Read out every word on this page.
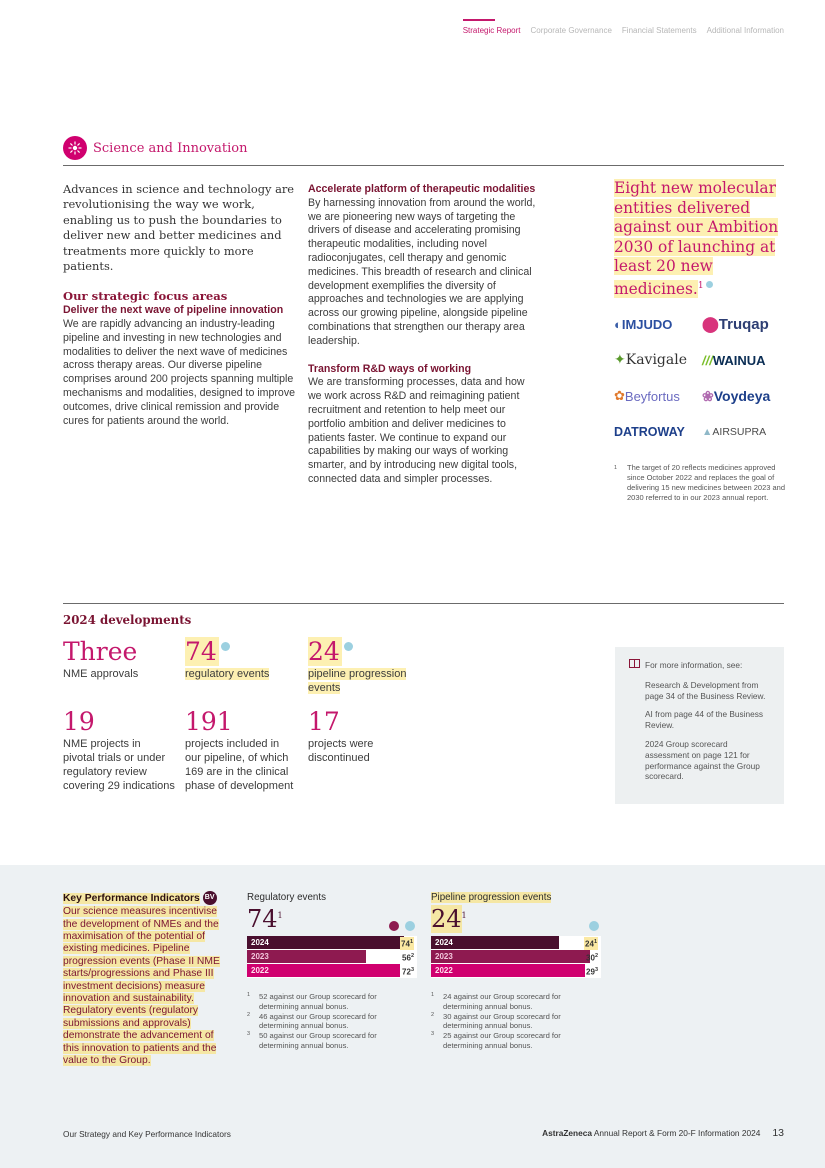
Strategic Report Corporate Governance Financial Statements Additional Information
Science and Innovation

Advances in science and technology are revolutionising the way we work, enabling us to push the boundaries to deliver new and better medicines and treatments more quickly to more patients.

Our strategic focus areas

Deliver the next wave of pipeline innovation

We are rapidly advancing an industry-leading pipeline and investing in new technologies and modalities to deliver the next wave of medicines across therapy areas. Our diverse pipeline comprises around 200 projects spanning multiple mechanisms and modalities, designed to improve outcomes, drive clinical remission and provide cures for patients around the world.

Accelerate platform of therapeutic modalities

By harnessing innovation from around the world, we are pioneering new ways of targeting the drivers of disease and accelerating promising therapeutic modalities, including novel radioconjugates, cell therapy and genomic medicines. This breadth of research and clinical development exemplifies the diversity of approaches and technologies we are applying across our growing pipeline, alongside pipeline combinations that strengthen our therapy area leadership.

Transform R&D ways of working

We are transforming processes, data and how we work across R&D and reimagining patient recruitment and retention to help meet our portfolio ambition and deliver medicines to patients faster. We continue to expand our capabilities by making our ways of working smarter, and by introducing new digital tools, connected data and simpler processes.

Eight new molecular entities delivered against our Ambition 2030 of launching at least 20 new medicines.$^1$
◐ IMJUDO ⬤ Truqap
✦ Kavigale /// WAINUA
✿ Beyfortus ❀ Voydeya
DATROWAY ▲ AIRSUPRA
1	The target of 20 reflects medicines approved since October 2022 and replaces the goal of delivering 15 new medicines between 2023 and 2030 referred to in our 2023 annual report.

2024 developments
Three
NME approvals
74
regulatory events
24
pipeline progression events
19
NME projects in pivotal trials or under regulatory review covering 29 indications
191
projects included in our pipeline, of which 169 are in the clinical phase of development
17
projects were discontinued
For more information, see:

Research & Development from page 34 of the Business Review.

AI from page 44 of the Business Review.

2024 Group scorecard assessment on page 121 for performance against the Group scorecard.

Key Performance Indicators BV
Our science measures incentivise the development of NMEs and the maximisation of the potential of existing medicines. Pipeline progression events (Phase II NME starts/progressions and Phase III investment decisions) measure innovation and sustainability. Regulatory events (regulatory submissions and approvals) demonstrate the advancement of this innovation to patients and the value to the Group.
Regulatory events
$74^1$
2024	$74^1$
2023	$56^2$
2022	$72^3$
1 52 against our Group scorecard for determining annual bonus.
2 46 against our Group scorecard for determining annual bonus.
3 50 against our Group scorecard for determining annual bonus.
Pipeline progression events
$24^1$
2024	$24^1$
2023	$30^2$
2022	$29^3$
1 24 against our Group scorecard for determining annual bonus.
2 30 against our Group scorecard for determining annual bonus.
3 25 against our Group scorecard for determining annual bonus.
Our Strategy and Key Performance Indicators	AstraZeneca Annual Report & Form 20-F Information 2024 13
